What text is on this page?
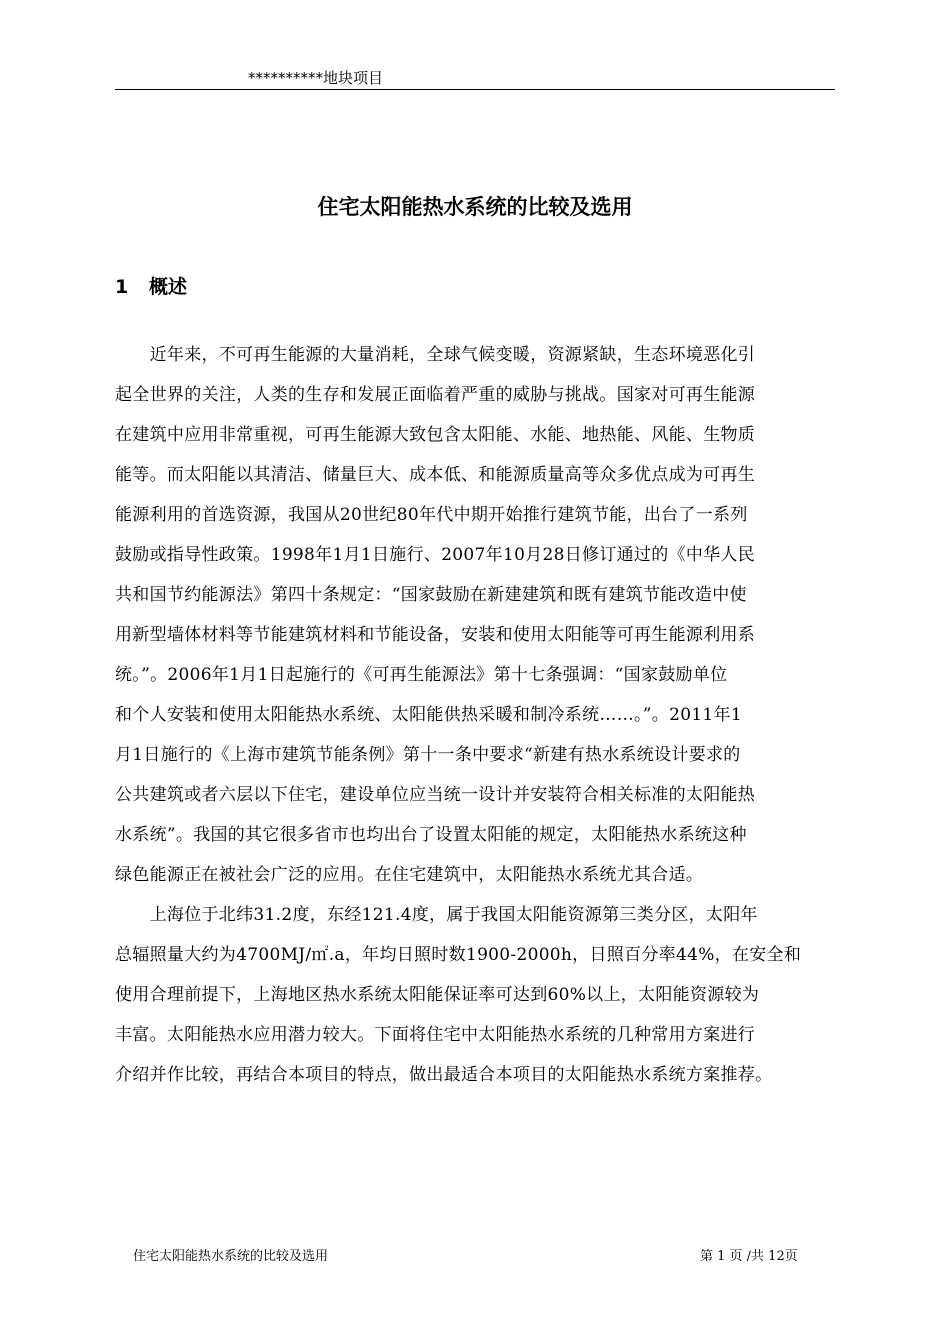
**********地块项目
住宅太阳能热水系统的比较及选用
1 概述
　　近年来，不可再生能源的大量消耗，全球气候变暖，资源紧缺，生态环境恶化引
起全世界的关注，人类的生存和发展正面临着严重的威胁与挑战。国家对可再生能源
在建筑中应用非常重视，可再生能源大致包含太阳能、水能、地热能、风能、生物质
能等。而太阳能以其清洁、储量巨大、成本低、和能源质量高等众多优点成为可再生
能源利用的首选资源，我国从20世纪80年代中期开始推行建筑节能，出台了一系列
鼓励或指导性政策。1998年1月1日施行、2007年10月28日修订通过的《中华人民
共和国节约能源法》第四十条规定：“国家鼓励在新建建筑和既有建筑节能改造中使
用新型墙体材料等节能建筑材料和节能设备，安装和使用太阳能等可再生能源利用系
统。”。2006年1月1日起施行的《可再生能源法》第十七条强调：“国家鼓励单位
和个人安装和使用太阳能热水系统、太阳能供热采暖和制冷系统……。”。2011年1
月1日施行的《上海市建筑节能条例》第十一条中要求“新建有热水系统设计要求的
公共建筑或者六层以下住宅，建设单位应当统一设计并安装符合相关标准的太阳能热
水系统”。我国的其它很多省市也均出台了设置太阳能的规定，太阳能热水系统这种
绿色能源正在被社会广泛的应用。在住宅建筑中，太阳能热水系统尤其合适。
　　上海位于北纬31.2度，东经121.4度，属于我国太阳能资源第三类分区，太阳年
总辐照量大约为4700MJ/㎡.a，年均日照时数1900-2000h，日照百分率44%，在安全和
使用合理前提下，上海地区热水系统太阳能保证率可达到60%以上，太阳能资源较为
丰富。太阳能热水应用潜力较大。下面将住宅中太阳能热水系统的几种常用方案进行
介绍并作比较，再结合本项目的特点，做出最适合本项目的太阳能热水系统方案推荐。
住宅太阳能热水系统的比较及选用	第 1 页 /共 12页
